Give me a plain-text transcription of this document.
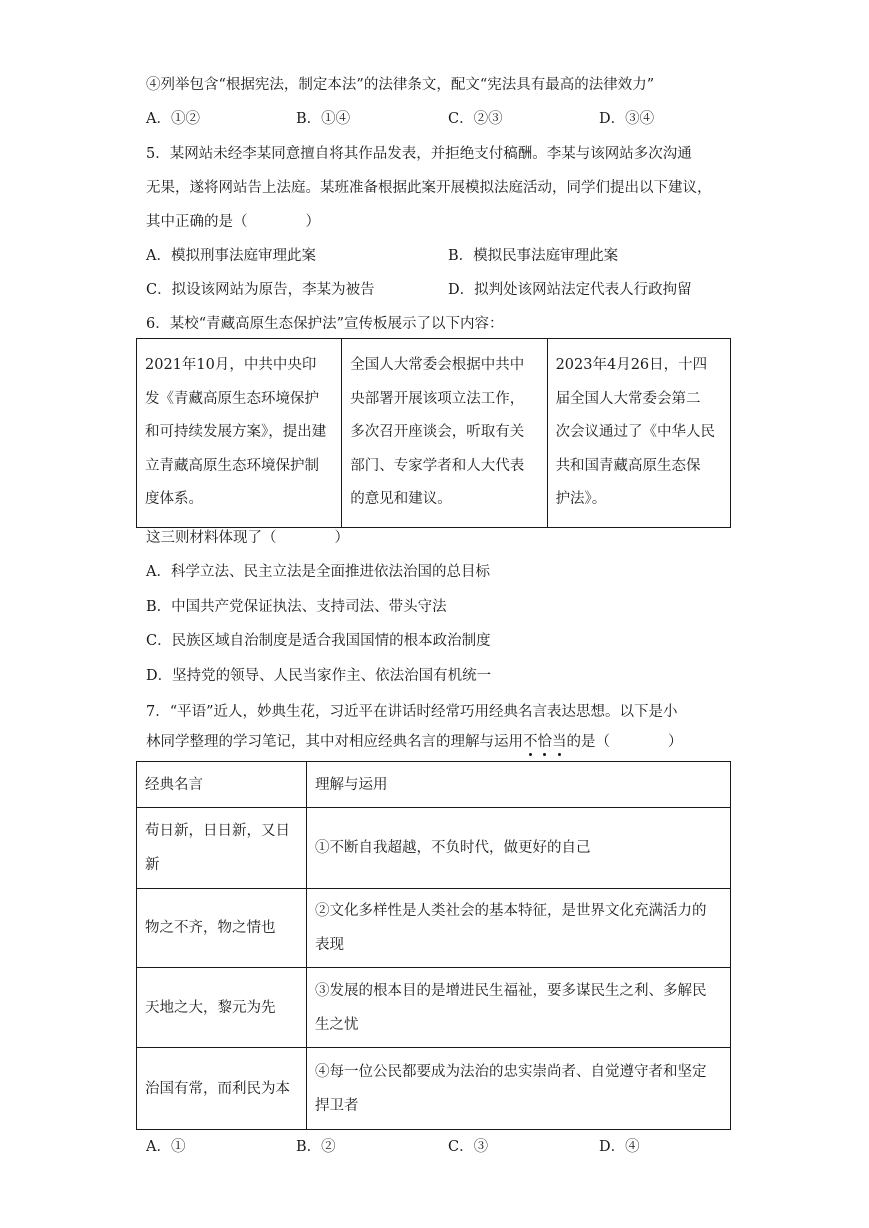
④列举包含“根据宪法，制定本法”的法律条文，配文“宪法具有最高的法律效力”
A．①②	B．①④	C．②③	D．③④
5．某网站未经李某同意擅自将其作品发表，并拒绝支付稿酬。李某与该网站多次沟通
无果，遂将网站告上法庭。某班准备根据此案开展模拟法庭活动，同学们提出以下建议，
其中正确的是（　　　　）
A．模拟刑事法庭审理此案	B．模拟民事法庭审理此案
C．拟设该网站为原告，李某为被告	D．拟判处该网站法定代表人行政拘留
6．某校“青藏高原生态保护法”宣传板展示了以下内容：
2021年10月，中共中央印
发《青藏高原生态环境保护
和可持续发展方案》，提出建
立青藏高原生态环境保护制
度体系。

全国人大常委会根据中共中
央部署开展该项立法工作，
多次召开座谈会，听取有关
部门、专家学者和人大代表
的意见和建议。

2023年4月26日，十四
届全国人大常委会第二
次会议通过了《中华人民
共和国青藏高原生态保
护法》。
这三则材料体现了（　　　　）
A．科学立法、民主立法是全面推进依法治国的总目标
B．中国共产党保证执法、支持司法、带头守法
C．民族区域自治制度是适合我国国情的根本政治制度
D．坚持党的领导、人民当家作主、依法治国有机统一
7．“平语”近人，妙典生花，习近平在讲话时经常巧用经典名言表达思想。以下是小
林同学整理的学习笔记，其中对相应经典名言的理解与运用不恰当的是（　　　　）
经典名言	理解与运用

苟日新，日日新，又日
新	①不断自我超越，不负时代，做更好的自己

物之不齐，物之情也	②文化多样性是人类社会的基本特征，是世界文化充满活力的
表现

天地之大，黎元为先	③发展的根本目的是增进民生福祉，要多谋民生之利、多解民
生之忧

治国有常，而利民为本	④每一位公民都要成为法治的忠实崇尚者、自觉遵守者和坚定
捍卫者
A．①	B．②	C．③	D．④
